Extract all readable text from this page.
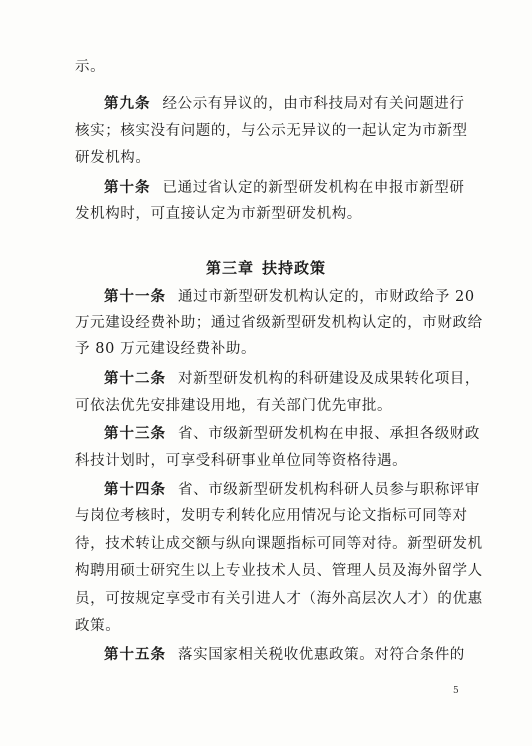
示。
第九条 经公示有异议的，由市科技局对有关问题进行
核实；核实没有问题的，与公示无异议的一起认定为市新型
研发机构。
第十条 已通过省认定的新型研发机构在申报市新型研
发机构时，可直接认定为市新型研发机构。
第三章 扶持政策
第十一条 通过市新型研发机构认定的，市财政给予 20
万元建设经费补助；通过省级新型研发机构认定的，市财政给
予 80 万元建设经费补助。
第十二条 对新型研发机构的科研建设及成果转化项目，
可依法优先安排建设用地，有关部门优先审批。
第十三条 省、市级新型研发机构在申报、承担各级财政
科技计划时，可享受科研事业单位同等资格待遇。
第十四条 省、市级新型研发机构科研人员参与职称评审
与岗位考核时，发明专利转化应用情况与论文指标可同等对
待，技术转让成交额与纵向课题指标可同等对待。新型研发机
构聘用硕士研究生以上专业技术人员、管理人员及海外留学人
员，可按规定享受市有关引进人才（海外高层次人才）的优惠
政策。
第十五条 落实国家相关税收优惠政策。对符合条件的
5
